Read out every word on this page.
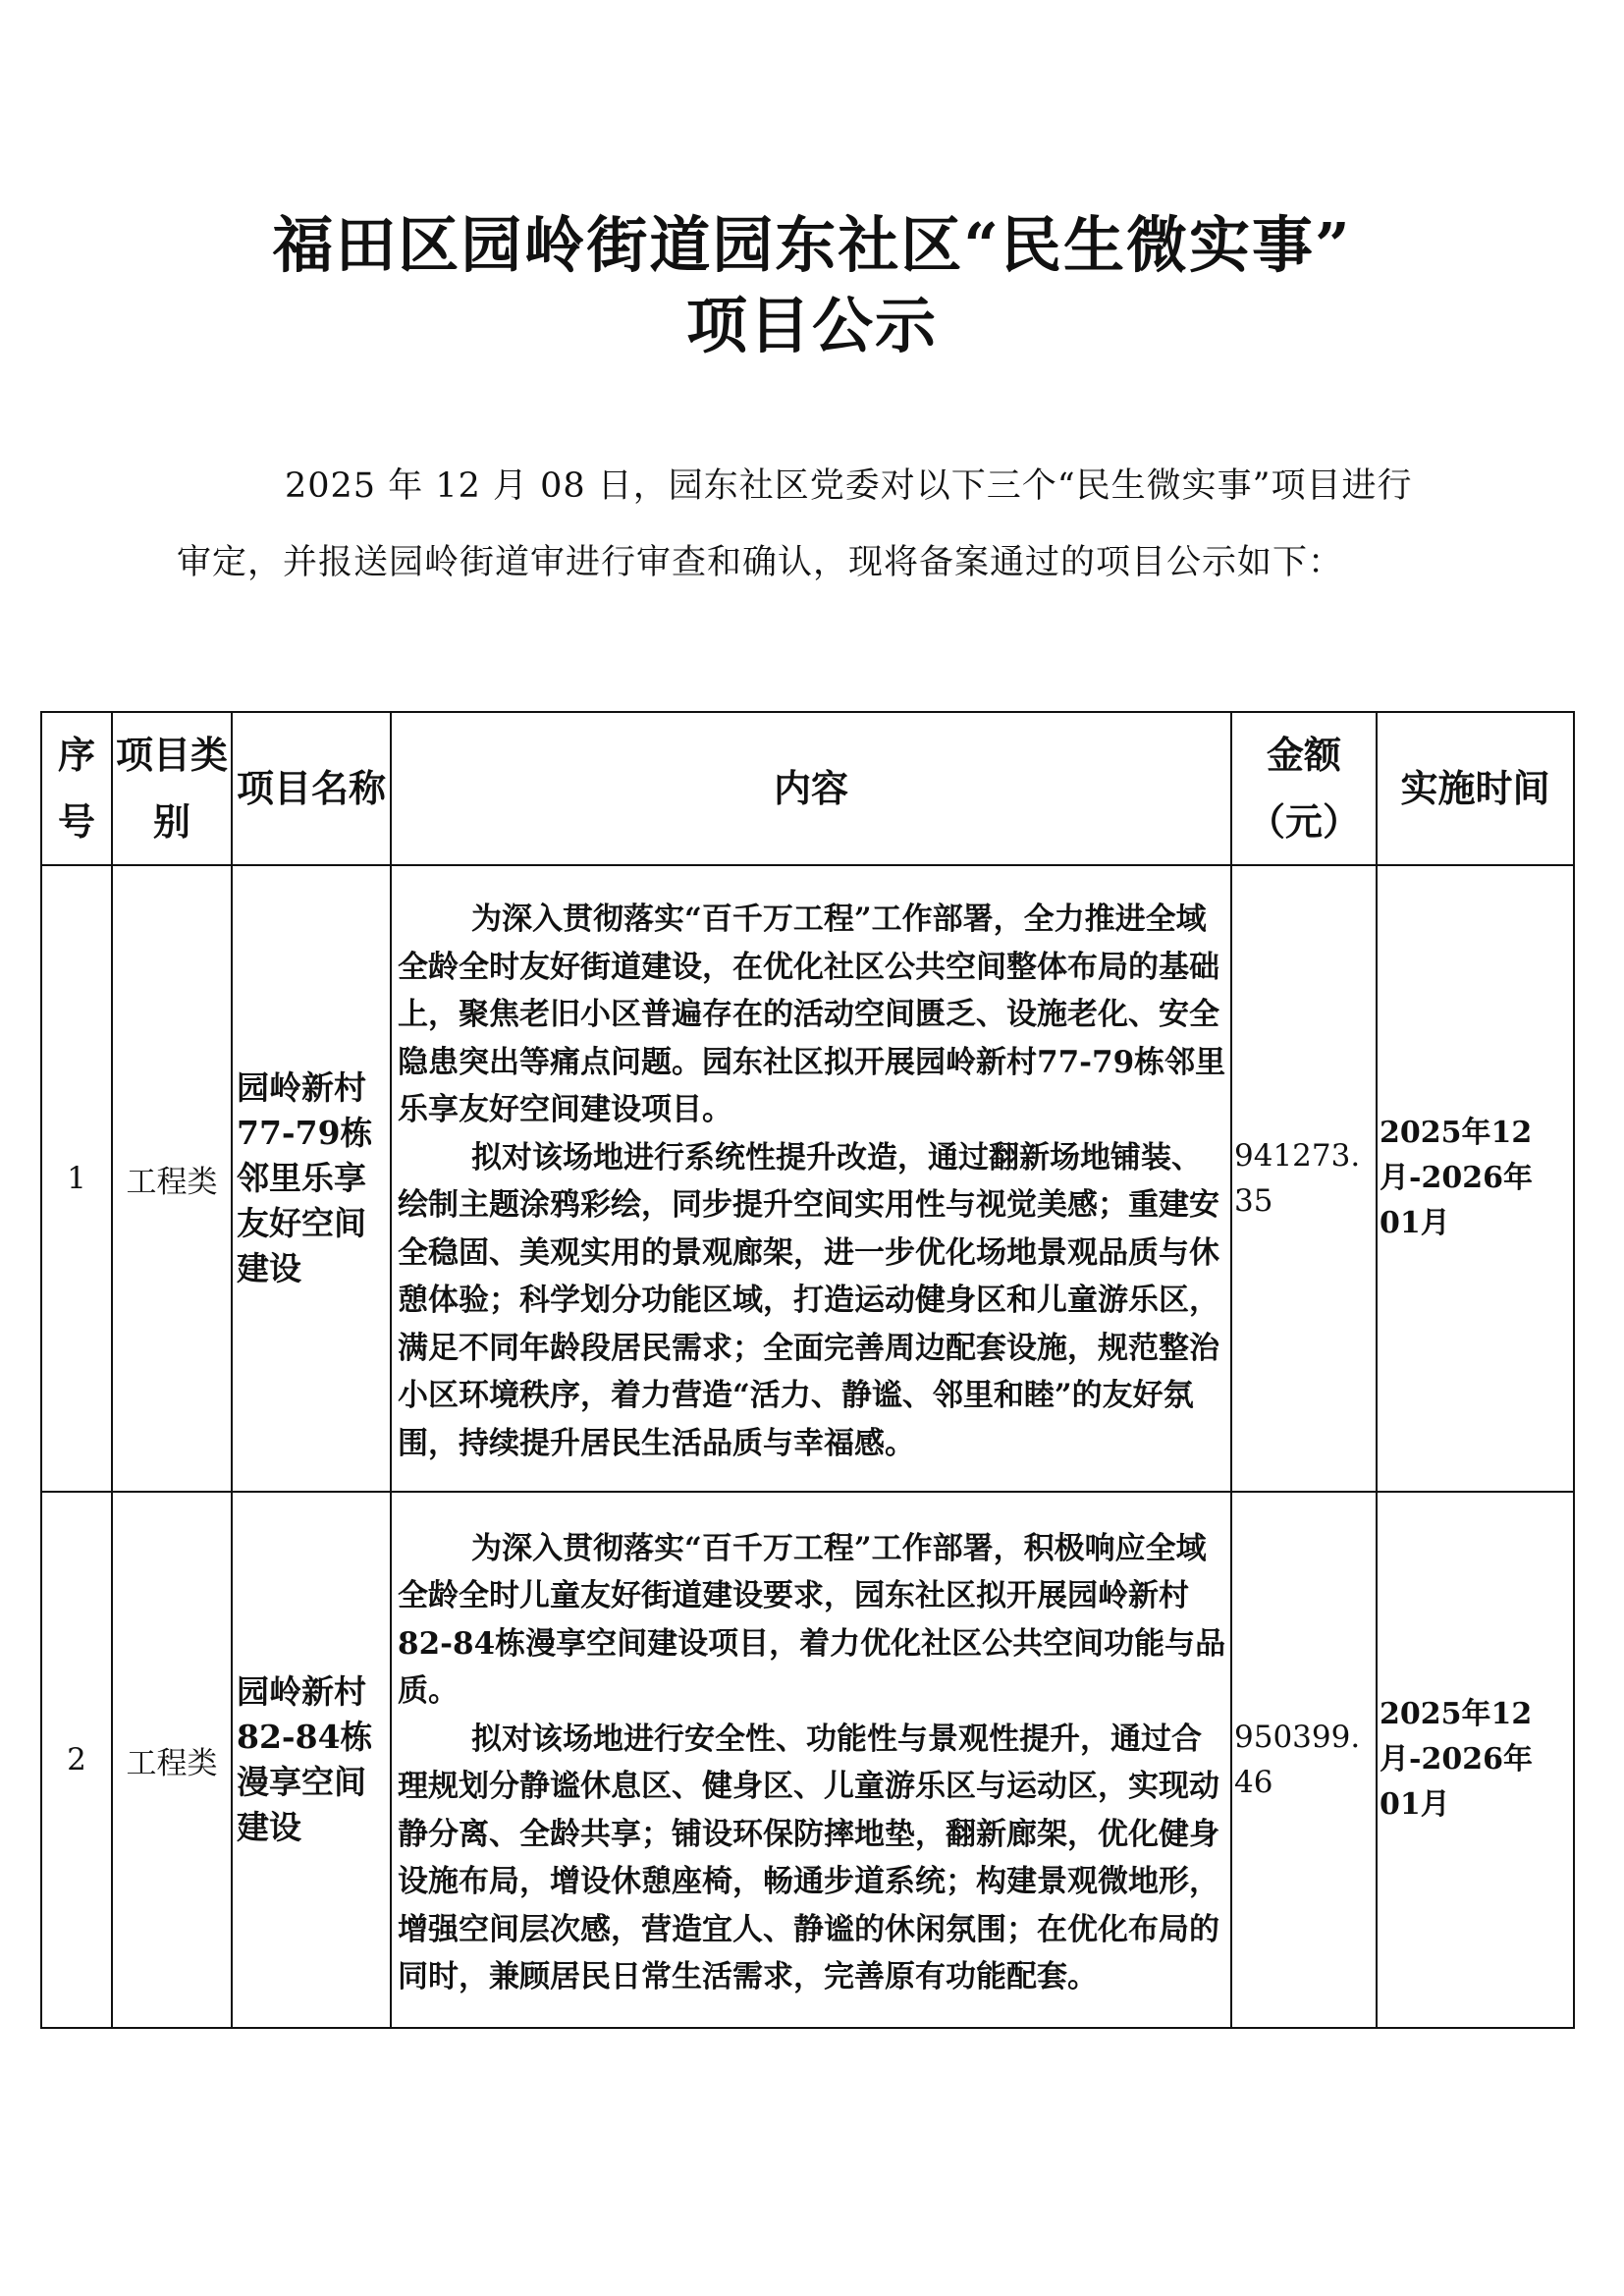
福田区园岭街道园东社区“民生微实事”
项目公示

2025 年 12 月 08 日，园东社区党委对以下三个“民生微实事”项目进行审定，并报送园岭街道审进行审查和确认，现将备案通过的项目公示如下：

序号	项目类别	项目名称	内容	金额（元）	实施时间
1	工程类	园岭新村77-79栋邻里乐享友好空间建设	为深入贯彻落实“百千万工程”工作部署，全力推进全域全龄全时友好街道建设，在优化社区公共空间整体布局的基础上，聚焦老旧小区普遍存在的活动空间匮乏、设施老化、安全隐患突出等痛点问题。园东社区拟开展园岭新村77-79栋邻里乐享友好空间建设项目。

拟对该场地进行系统性提升改造，通过翻新场地铺装、绘制主题涂鸦彩绘，同步提升空间实用性与视觉美感；重建安全稳固、美观实用的景观廊架，进一步优化场地景观品质与休憩体验；科学划分功能区域，打造运动健身区和儿童游乐区，满足不同年龄段居民需求；全面完善周边配套设施，规范整治小区环境秩序，着力营造“活力、静谧、邻里和睦”的友好氛围，持续提升居民生活品质与幸福感。	941273.35	2025年12月-2026年01月
2	工程类	园岭新村82-84栋漫享空间建设	为深入贯彻落实“百千万工程”工作部署，积极响应全域全龄全时儿童友好街道建设要求，园东社区拟开展园岭新村82-84栋漫享空间建设项目，着力优化社区公共空间功能与品质。

拟对该场地进行安全性、功能性与景观性提升，通过合理规划分静谧休息区、健身区、儿童游乐区与运动区，实现动静分离、全龄共享；铺设环保防摔地垫，翻新廊架，优化健身设施布局，增设休憩座椅，畅通步道系统；构建景观微地形，增强空间层次感，营造宜人、静谧的休闲氛围；在优化布局的同时，兼顾居民日常生活需求，完善原有功能配套。	950399.46	2025年12月-2026年01月
